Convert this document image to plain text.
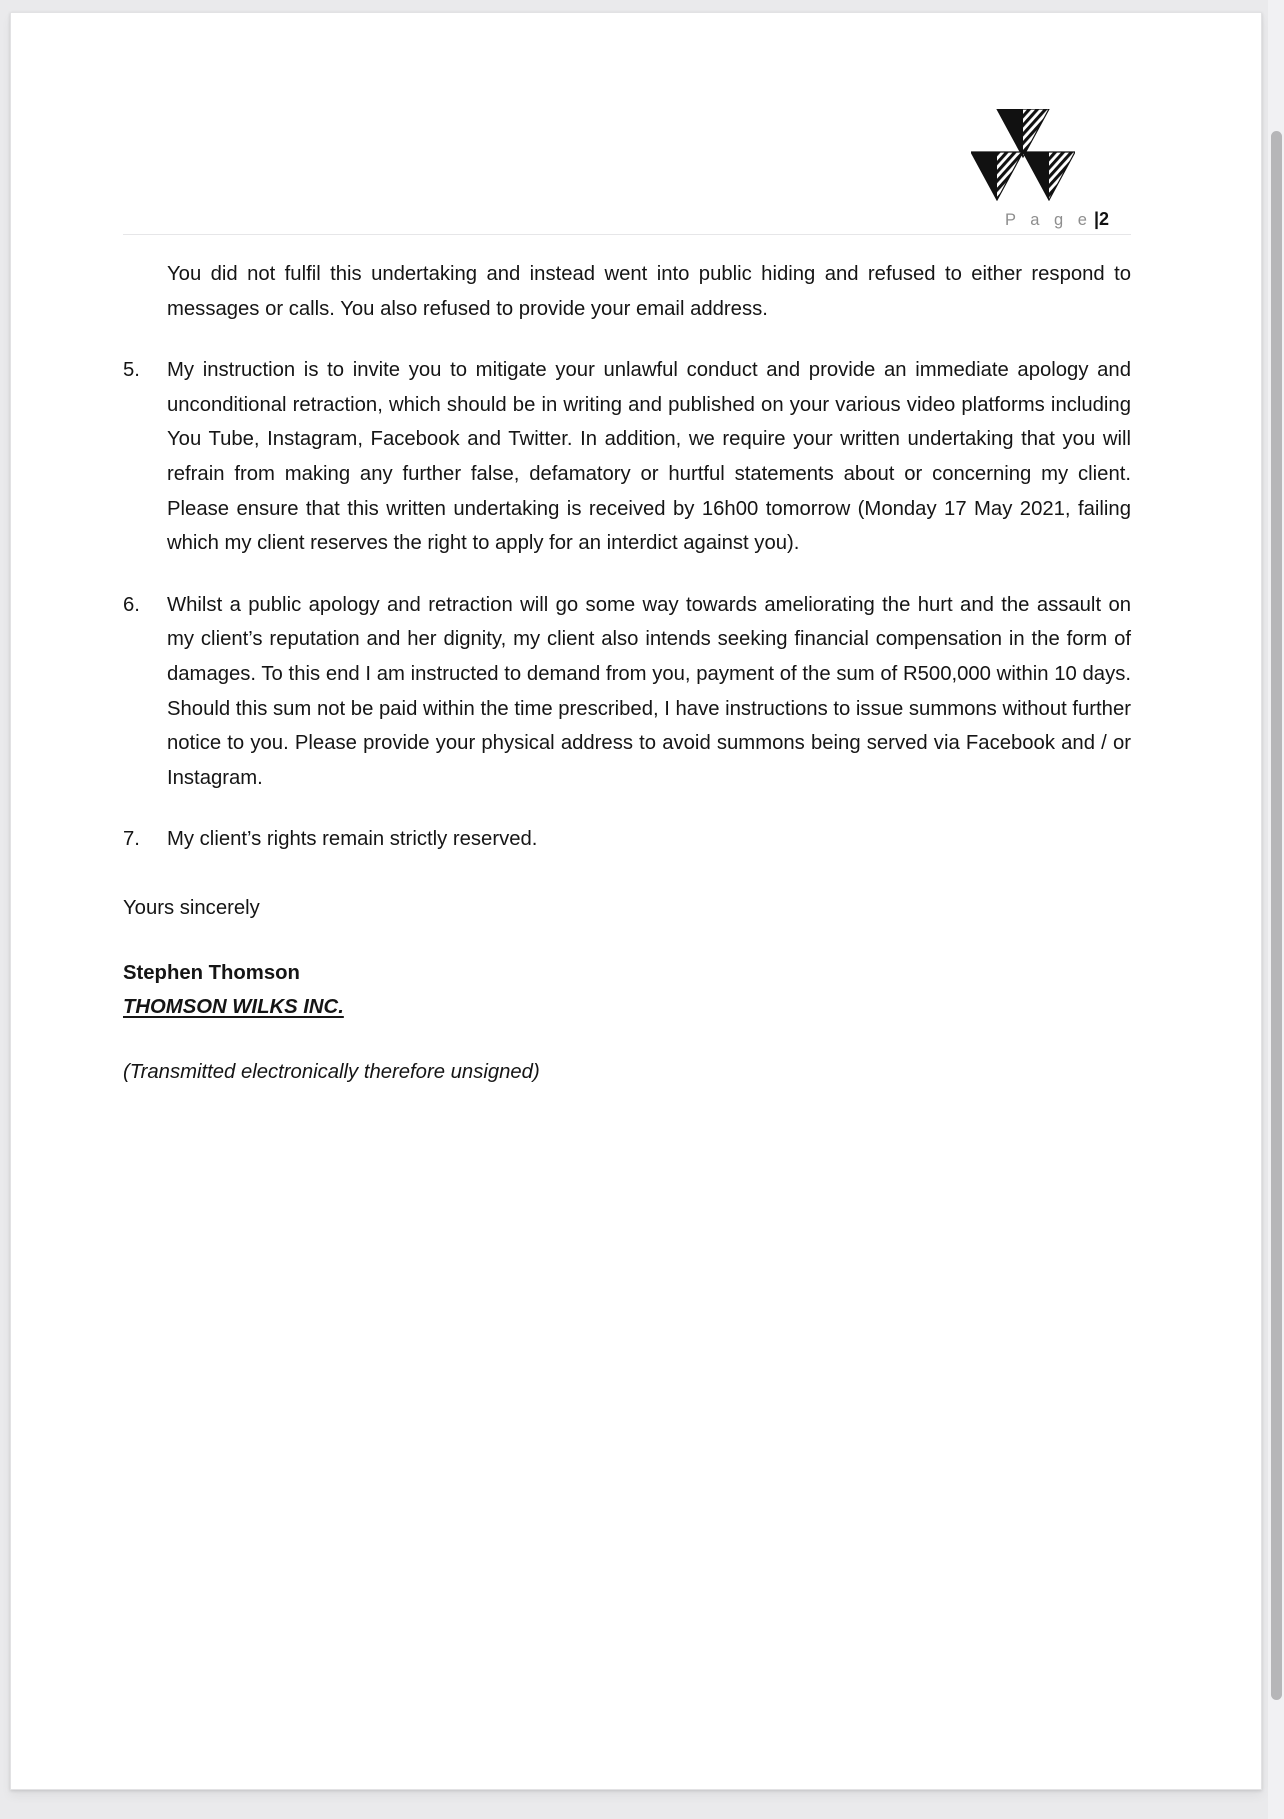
P a g e |2
You did not fulfil this undertaking and instead went into public hiding and refused to either respond to messages or calls. You also refused to provide your email address.
5.	My instruction is to invite you to mitigate your unlawful conduct and provide an immediate apology and unconditional retraction, which should be in writing and published on your various video platforms including You Tube, Instagram, Facebook and Twitter. In addition, we require your written undertaking that you will refrain from making any further false, defamatory or hurtful statements about or concerning my client. Please ensure that this written undertaking is received by 16h00 tomorrow (Monday 17 May 2021, failing which my client reserves the right to apply for an interdict against you).
6.	Whilst a public apology and retraction will go some way towards ameliorating the hurt and the assault on my client’s reputation and her dignity, my client also intends seeking financial compensation in the form of damages. To this end I am instructed to demand from you, payment of the sum of R500,000 within 10 days. Should this sum not be paid within the time prescribed, I have instructions to issue summons without further notice to you. Please provide your physical address to avoid summons being served via Facebook and / or Instagram.
7.	My client’s rights remain strictly reserved.
Yours sincerely
Stephen Thomson
THOMSON WILKS INC.
(Transmitted electronically therefore unsigned)
